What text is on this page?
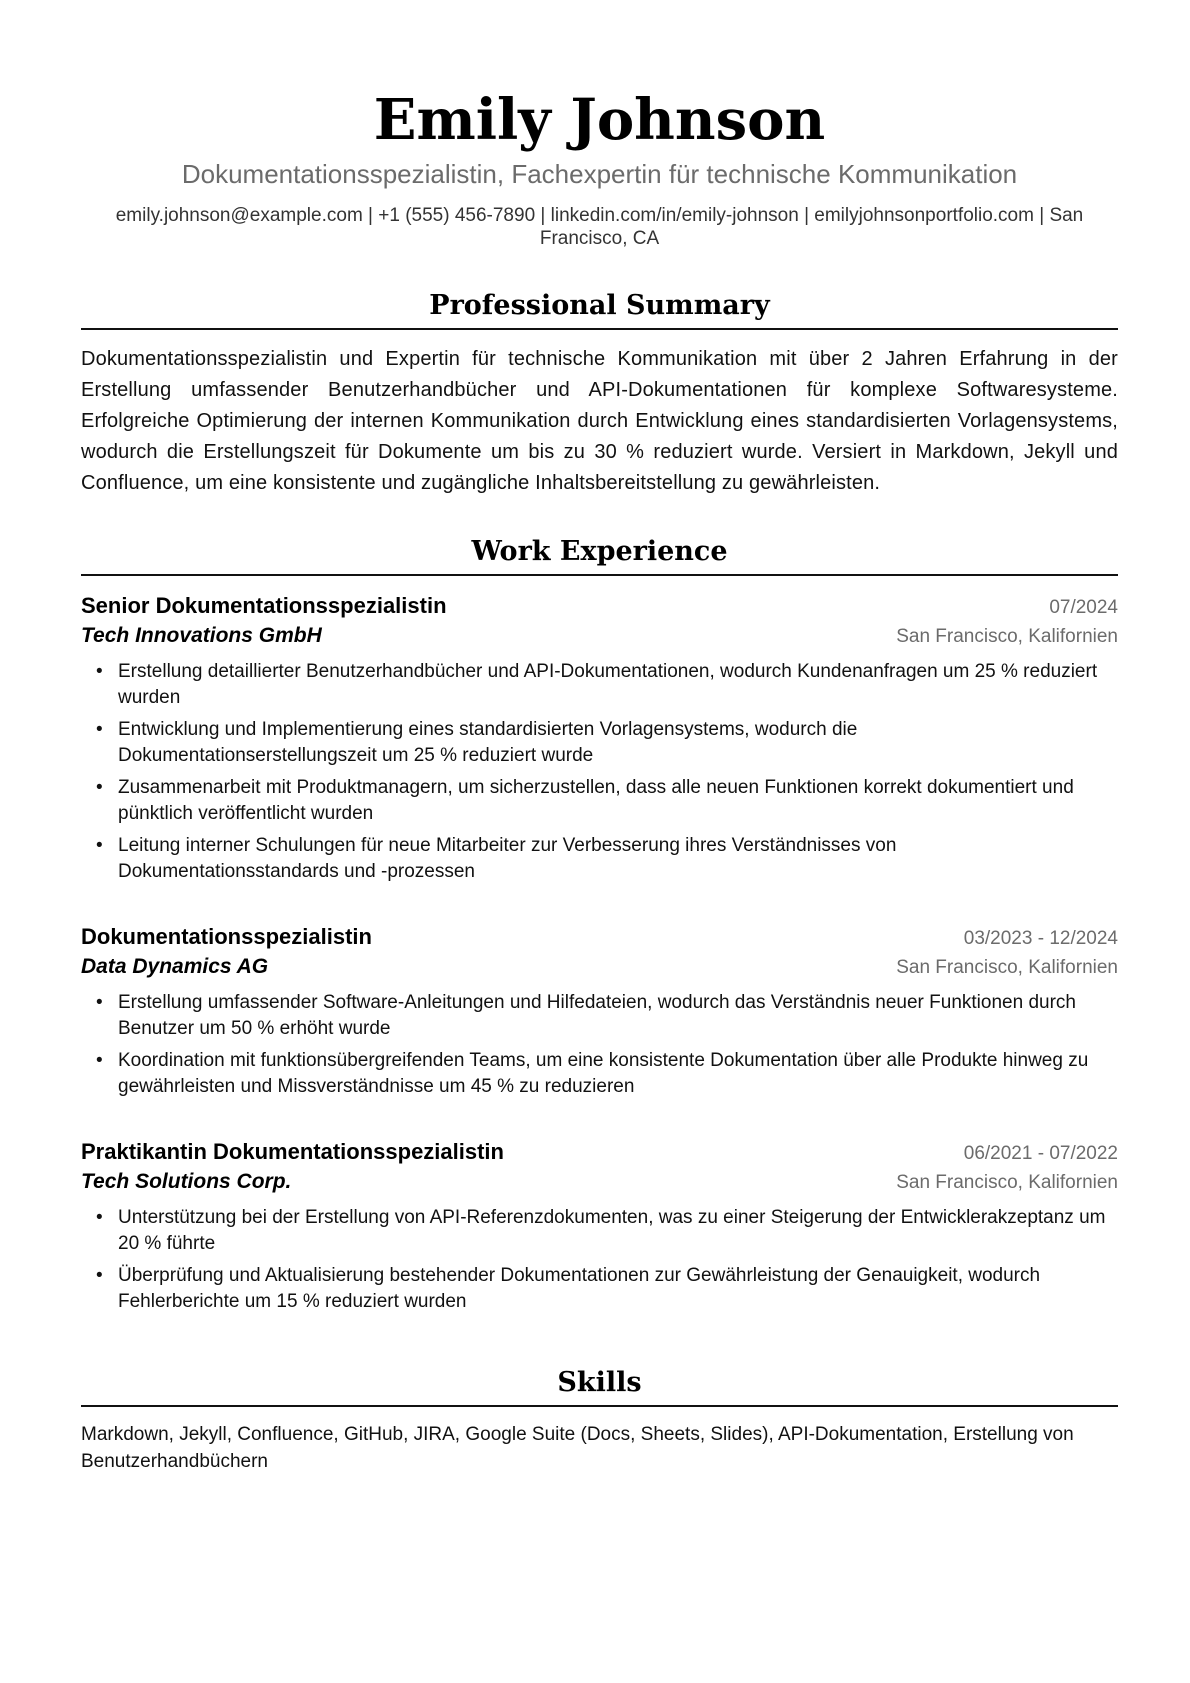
Emily Johnson
Dokumentationsspezialistin, Fachexpertin für technische Kommunikation
emily.johnson@example.com | +1 (555) 456-7890 | linkedin.com/in/emily-johnson | emilyjohnsonportfolio.com | San Francisco, CA
Professional Summary
Dokumentationsspezialistin und Expertin für technische Kommunikation mit über 2 Jahren Erfahrung in der Erstellung umfassender Benutzerhandbücher und API-Dokumentationen für komplexe Softwaresysteme. Erfolgreiche Optimierung der internen Kommunikation durch Entwicklung eines standardisierten Vorlagensystems, wodurch die Erstellungszeit für Dokumente um bis zu 30 % reduziert wurde. Versiert in Markdown, Jekyll und Confluence, um eine konsistente und zugängliche Inhaltsbereitstellung zu gewährleisten.
Work Experience
Senior Dokumentationsspezialistin	07/2024
Tech Innovations GmbH	San Francisco, Kalifornien
• Erstellung detaillierter Benutzerhandbücher und API-Dokumentationen, wodurch Kundenanfragen um 25 % reduziert wurden
• Entwicklung und Implementierung eines standardisierten Vorlagensystems, wodurch die Dokumentationserstellungszeit um 25 % reduziert wurde
• Zusammenarbeit mit Produktmanagern, um sicherzustellen, dass alle neuen Funktionen korrekt dokumentiert und pünktlich veröffentlicht wurden
• Leitung interner Schulungen für neue Mitarbeiter zur Verbesserung ihres Verständnisses von Dokumentationsstandards und -prozessen
Dokumentationsspezialistin	03/2023 - 12/2024
Data Dynamics AG	San Francisco, Kalifornien
• Erstellung umfassender Software-Anleitungen und Hilfedateien, wodurch das Verständnis neuer Funktionen durch Benutzer um 50 % erhöht wurde
• Koordination mit funktionsübergreifenden Teams, um eine konsistente Dokumentation über alle Produkte hinweg zu gewährleisten und Missverständnisse um 45 % zu reduzieren
Praktikantin Dokumentationsspezialistin	06/2021 - 07/2022
Tech Solutions Corp.	San Francisco, Kalifornien
• Unterstützung bei der Erstellung von API-Referenzdokumenten, was zu einer Steigerung der Entwicklerakzeptanz um 20 % führte
• Überprüfung und Aktualisierung bestehender Dokumentationen zur Gewährleistung der Genauigkeit, wodurch Fehlerberichte um 15 % reduziert wurden
Skills
Markdown, Jekyll, Confluence, GitHub, JIRA, Google Suite (Docs, Sheets, Slides), API-Dokumentation, Erstellung von Benutzerhandbüchern
